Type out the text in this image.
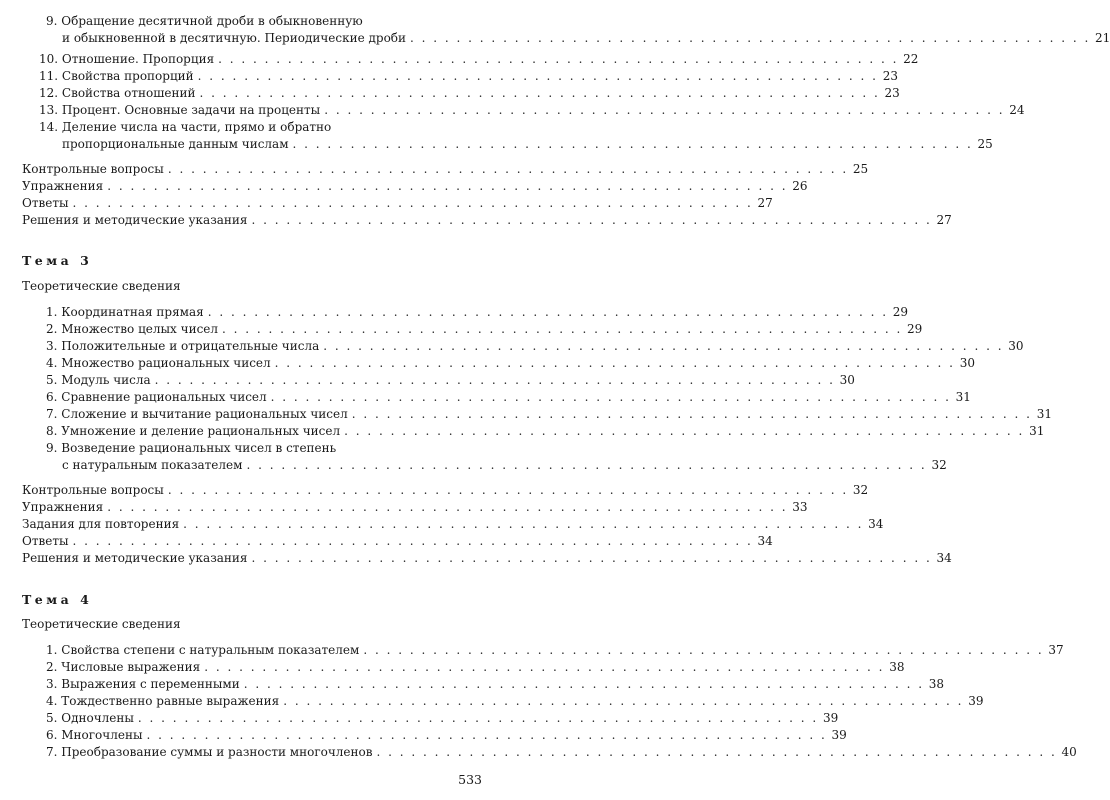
9. Обращение десятичной дроби в обыкновенную
и обыкновенной в десятичную. Периодические дроби . . . . . . . . . . . . . . . . . . . . . . . . . . . . . . . . . . . . . . . . . . . . . . . . . . . . . . . . . . . 21
10. Отношение. Пропорция . . . . . . . . . . . . . . . . . . . . . . . . . . . . . . . . . . . . . . . . . . . . . . . . . . . . . . . . . . . 22
11. Свойства пропорций . . . . . . . . . . . . . . . . . . . . . . . . . . . . . . . . . . . . . . . . . . . . . . . . . . . . . . . . . . . 23
12. Свойства отношений . . . . . . . . . . . . . . . . . . . . . . . . . . . . . . . . . . . . . . . . . . . . . . . . . . . . . . . . . . . 23
13. Процент. Основные задачи на проценты . . . . . . . . . . . . . . . . . . . . . . . . . . . . . . . . . . . . . . . . . . . . . . . . . . . . . . . . . . . 24
14. Деление числа на части, прямо и обратно
пропорциональные данным числам . . . . . . . . . . . . . . . . . . . . . . . . . . . . . . . . . . . . . . . . . . . . . . . . . . . . . . . . . . . 25
Контрольные вопросы . . . . . . . . . . . . . . . . . . . . . . . . . . . . . . . . . . . . . . . . . . . . . . . . . . . . . . . . . . . 25
Упражнения . . . . . . . . . . . . . . . . . . . . . . . . . . . . . . . . . . . . . . . . . . . . . . . . . . . . . . . . . . . 26
Ответы . . . . . . . . . . . . . . . . . . . . . . . . . . . . . . . . . . . . . . . . . . . . . . . . . . . . . . . . . . . 27
Решения и методические указания . . . . . . . . . . . . . . . . . . . . . . . . . . . . . . . . . . . . . . . . . . . . . . . . . . . . . . . . . . . 27
Тема 3
Теоретические сведения
1. Координатная прямая . . . . . . . . . . . . . . . . . . . . . . . . . . . . . . . . . . . . . . . . . . . . . . . . . . . . . . . . . . . 29
2. Множество целых чисел . . . . . . . . . . . . . . . . . . . . . . . . . . . . . . . . . . . . . . . . . . . . . . . . . . . . . . . . . . . 29
3. Положительные и отрицательные числа . . . . . . . . . . . . . . . . . . . . . . . . . . . . . . . . . . . . . . . . . . . . . . . . . . . . . . . . . . . 30
4. Множество рациональных чисел . . . . . . . . . . . . . . . . . . . . . . . . . . . . . . . . . . . . . . . . . . . . . . . . . . . . . . . . . . . 30
5. Модуль числа . . . . . . . . . . . . . . . . . . . . . . . . . . . . . . . . . . . . . . . . . . . . . . . . . . . . . . . . . . . 30
6. Сравнение рациональных чисел . . . . . . . . . . . . . . . . . . . . . . . . . . . . . . . . . . . . . . . . . . . . . . . . . . . . . . . . . . . 31
7. Сложение и вычитание рациональных чисел . . . . . . . . . . . . . . . . . . . . . . . . . . . . . . . . . . . . . . . . . . . . . . . . . . . . . . . . . . . 31
8. Умножение и деление рациональных чисел . . . . . . . . . . . . . . . . . . . . . . . . . . . . . . . . . . . . . . . . . . . . . . . . . . . . . . . . . . . 31
9. Возведение рациональных чисел в степень
с натуральным показателем . . . . . . . . . . . . . . . . . . . . . . . . . . . . . . . . . . . . . . . . . . . . . . . . . . . . . . . . . . . 32
Контрольные вопросы . . . . . . . . . . . . . . . . . . . . . . . . . . . . . . . . . . . . . . . . . . . . . . . . . . . . . . . . . . . 32
Упражнения . . . . . . . . . . . . . . . . . . . . . . . . . . . . . . . . . . . . . . . . . . . . . . . . . . . . . . . . . . . 33
Задания для повторения . . . . . . . . . . . . . . . . . . . . . . . . . . . . . . . . . . . . . . . . . . . . . . . . . . . . . . . . . . . 34
Ответы . . . . . . . . . . . . . . . . . . . . . . . . . . . . . . . . . . . . . . . . . . . . . . . . . . . . . . . . . . . 34
Решения и методические указания . . . . . . . . . . . . . . . . . . . . . . . . . . . . . . . . . . . . . . . . . . . . . . . . . . . . . . . . . . . 34
Тема 4
Теоретические сведения
1. Свойства степени с натуральным показателем . . . . . . . . . . . . . . . . . . . . . . . . . . . . . . . . . . . . . . . . . . . . . . . . . . . . . . . . . . . 37
2. Числовые выражения . . . . . . . . . . . . . . . . . . . . . . . . . . . . . . . . . . . . . . . . . . . . . . . . . . . . . . . . . . . 38
3. Выражения с переменными . . . . . . . . . . . . . . . . . . . . . . . . . . . . . . . . . . . . . . . . . . . . . . . . . . . . . . . . . . . 38
4. Тождественно равные выражения . . . . . . . . . . . . . . . . . . . . . . . . . . . . . . . . . . . . . . . . . . . . . . . . . . . . . . . . . . . 39
5. Одночлены . . . . . . . . . . . . . . . . . . . . . . . . . . . . . . . . . . . . . . . . . . . . . . . . . . . . . . . . . . . 39
6. Многочлены . . . . . . . . . . . . . . . . . . . . . . . . . . . . . . . . . . . . . . . . . . . . . . . . . . . . . . . . . . . 39
7. Преобразование суммы и разности многочленов . . . . . . . . . . . . . . . . . . . . . . . . . . . . . . . . . . . . . . . . . . . . . . . . . . . . . . . . . . . 40
533
